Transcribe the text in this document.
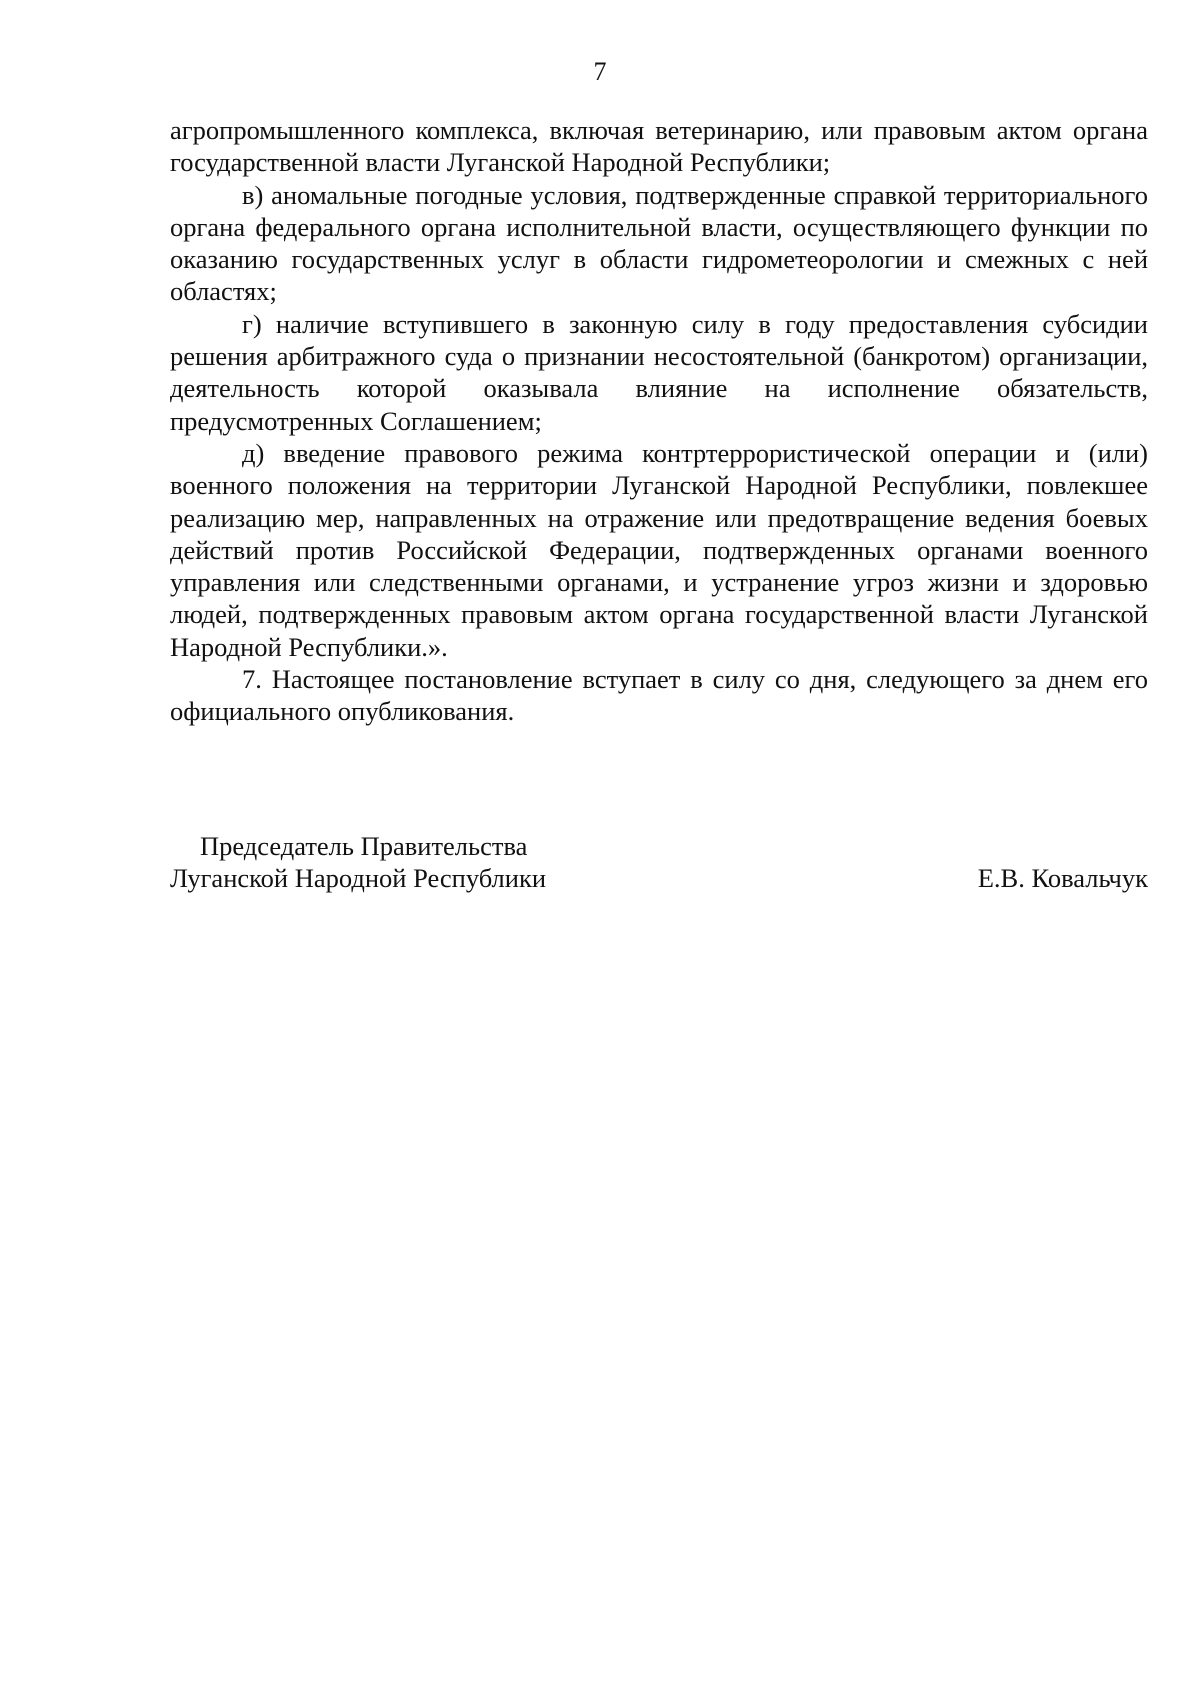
7

агропромышленного комплекса, включая ветеринарию, или правовым актом органа государственной власти Луганской Народной Республики;

в) аномальные погодные условия, подтвержденные справкой территориального органа федерального органа исполнительной власти, осуществляющего функции по оказанию государственных услуг в области гидрометеорологии и смежных с ней областях;

г) наличие вступившего в законную силу в году предоставления субсидии решения арбитражного суда о признании несостоятельной (банкротом) организации, деятельность которой оказывала влияние на исполнение обязательств, предусмотренных Соглашением;

д) введение правового режима контртеррористической операции и (или) военного положения на территории Луганской Народной Республики, повлекшее реализацию мер, направленных на отражение или предотвращение ведения боевых действий против Российской Федерации, подтвержденных органами военного управления или следственными органами, и устранение угроз жизни и здоровью людей, подтвержденных правовым актом органа государственной власти Луганской Народной Республики.».

7. Настоящее постановление вступает в силу со дня, следующего за днем его официального опубликования.

Председатель Правительства
Луганской Народной Республики	Е.В. Ковальчук
